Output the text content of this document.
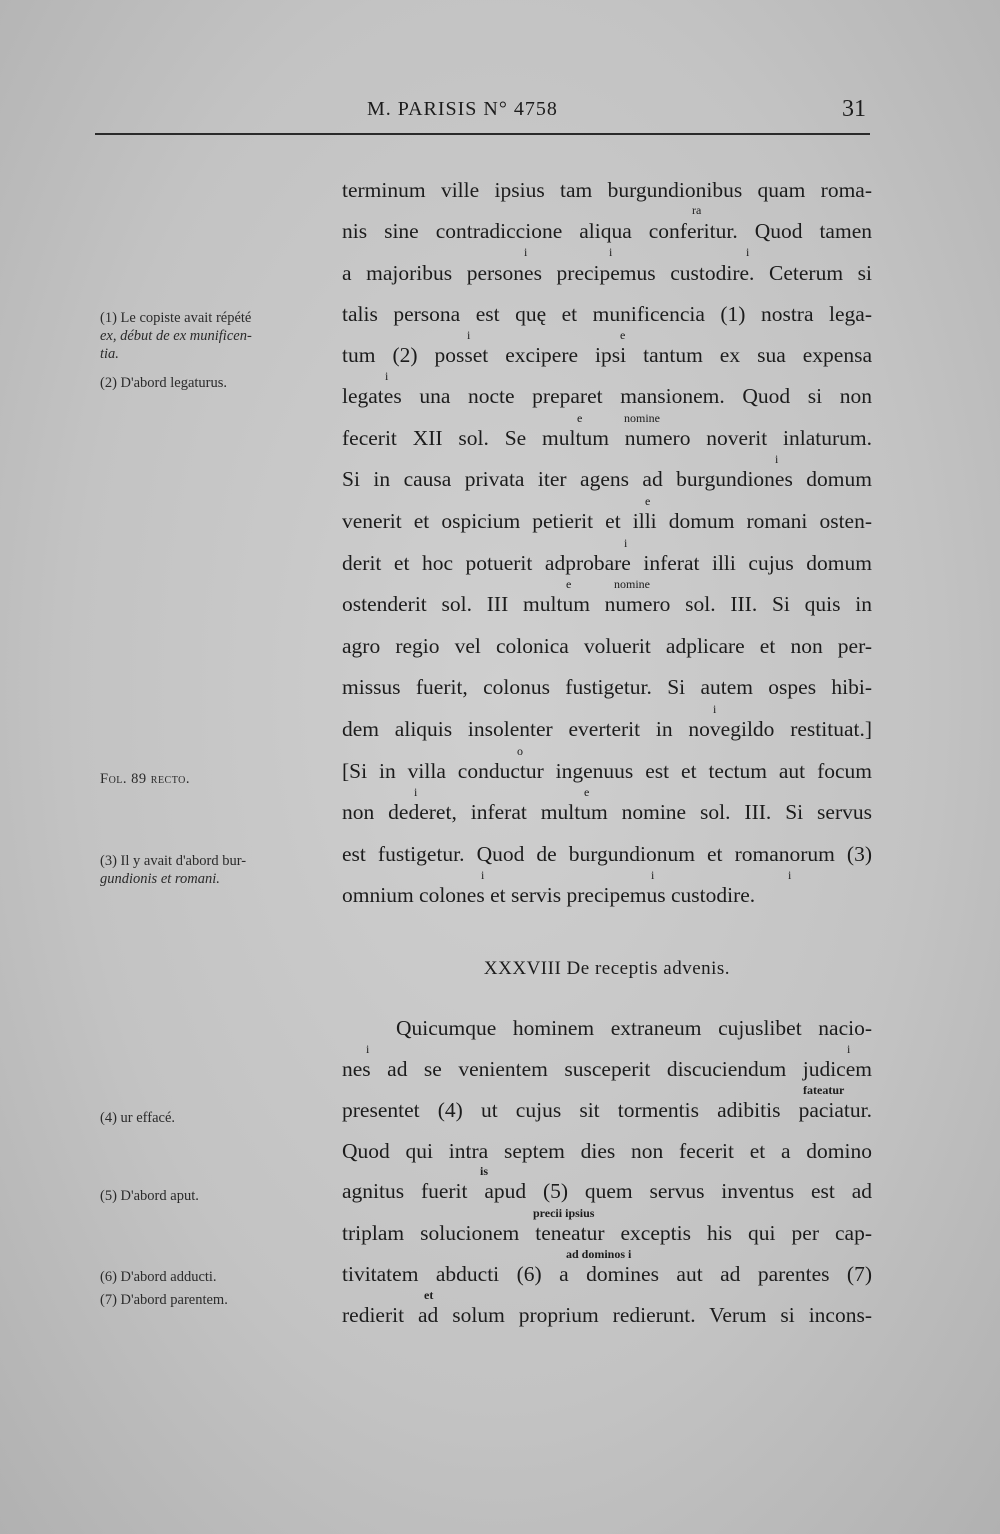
M. PARISIS N° 4758	31
terminum ville ipsius tam burgundionibus quam roma-
nis sine contradiccione aliqua conferitur. Quod tamen
a majoribus persones precipemus custodire. Ceterum si
talis persona est quę et munificencia (1) nostra lega-
tum (2) posset excipere ipsi tantum ex sua expensa
legates una nocte preparet mansionem. Quod si non
fecerit XII sol. Se multum numero noverit inlaturum.
Si in causa privata iter agens ad burgundiones domum
venerit et ospicium petierit et illi domum romani osten-
derit et hoc potuerit adprobare inferat illi cujus domum
ostenderit sol. III multum numero sol. III. Si quis in
agro regio vel colonica voluerit adplicare et non per-
missus fuerit, colonus fustigetur. Si autem ospes hibi-
dem aliquis insolenter everterit in novegildo restituat.]
[Si in villa conductur ingenuus est et tectum aut focum
non dederet, inferat multum nomine sol. III. Si servus
est fustigetur. Quod de burgundionum et romanorum (3)
omnium colones et servis precipemus custodire.
XXXVIII De receptis advenis.
Quicumque hominem extraneum cujuslibet nacio-
nes ad se venientem susceperit discuciendum judicem
presentet (4) ut cujus sit tormentis adibitis paciatur.
Quod qui intra septem dies non fecerit et a domino
agnitus fuerit apud (5) quem servus inventus est ad
triplam solucionem teneatur exceptis his qui per cap-
tivitatem abducti (6) a domines aut ad parentes (7)
redierit ad solum proprium redierunt. Verum si incons-
ra
i	i	i
i	e
i
e	nomine
i
e
i
e	nomine
i
o
i	e
i	i	i
i	i
fateatur
is
precii ipsius
ad dominos i
et
(1) Le copiste avait répété
ex, début de ex munificen-
tia.
(2) D'abord legaturus.
Fol. 89 recto.
(3) Il y avait d'abord bur-
gundionis et romani.
(4) ur effacé.
(5) D'abord aput.
(6) D'abord adducti.
(7) D'abord parentem.
